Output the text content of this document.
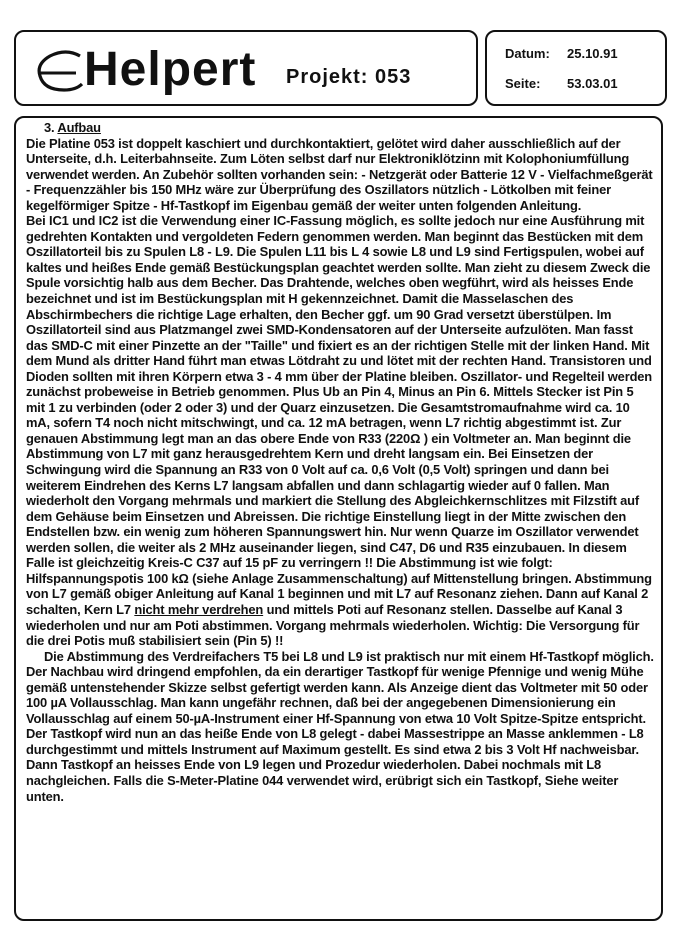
Helpert Projekt: 053
Datum: 25.10.91
Seite: 53.03.01

3. Aufbau

Die Platine 053 ist doppelt kaschiert und durchkontaktiert, gelötet wird daher ausschließlich auf der Unterseite, d.h. Leiterbahnseite. Zum Löten selbst darf nur Elektroniklötzinn mit Kolophoniumfüllung verwendet werden. An Zubehör sollten vorhanden sein: - Netzgerät oder Batterie 12 V - Vielfachmeßgerät - Frequenzzähler bis 150 MHz wäre zur Überprüfung des Oszillators nützlich - Lötkolben mit feiner kegelförmiger Spitze - Hf-Tastkopf im Eigenbau gemäß der weiter unten folgenden Anleitung.

Bei IC1 und IC2 ist die Verwendung einer IC-Fassung möglich, es sollte jedoch nur eine Ausführung mit gedrehten Kontakten und vergoldeten Federn genommen werden. Man beginnt das Bestücken mit dem Oszillatorteil bis zu Spulen L8 - L9. Die Spulen L11 bis L 4 sowie L8 und L9 sind Fertigspulen, wobei auf kaltes und heißes Ende gemäß Bestückungsplan geachtet werden sollte. Man zieht zu diesem Zweck die Spule vorsichtig halb aus dem Becher. Das Drahtende, welches oben wegführt, wird als heisses Ende bezeichnet und ist im Bestückungsplan mit H gekennzeichnet. Damit die Masselaschen des Abschirmbechers die richtige Lage erhalten, den Becher ggf. um 90 Grad versetzt überstülpen. Im Oszillatorteil sind aus Platzmangel zwei SMD-Kondensatoren auf der Unterseite aufzulöten. Man fasst das SMD-C mit einer Pinzette an der "Taille" und fixiert es an der richtigen Stelle mit der linken Hand. Mit dem Mund als dritter Hand führt man etwas Lötdraht zu und lötet mit der rechten Hand. Transistoren und Dioden sollten mit ihren Körpern etwa 3 - 4 mm über der Platine bleiben. Oszillator- und Regelteil werden zunächst probeweise in Betrieb genommen. Plus Ub an Pin 4, Minus an Pin 6. Mittels Stecker ist Pin 5 mit 1 zu verbinden (oder 2 oder 3) und der Quarz einzusetzen. Die Gesamtstromaufnahme wird ca. 10 mA, sofern T4 noch nicht mitschwingt, und ca. 12 mA betragen, wenn L7 richtig abgestimmt ist. Zur genauen Abstimmung legt man an das obere Ende von R33 (220Ω ) ein Voltmeter an. Man beginnt die Abstimmung von L7 mit ganz herausgedrehtem Kern und dreht langsam ein. Bei Einsetzen der Schwingung wird die Spannung an R33 von 0 Volt auf ca. 0,6 Volt (0,5 Volt) springen und dann bei weiterem Eindrehen des Kerns L7 langsam abfallen und dann schlagartig wieder auf 0 fallen. Man wiederholt den Vorgang mehrmals und markiert die Stellung des Abgleichkernschlitzes mit Filzstift auf dem Gehäuse beim Einsetzen und Abreissen. Die richtige Einstellung liegt in der Mitte zwischen den Endstellen bzw. ein wenig zum höheren Spannungswert hin. Nur wenn Quarze im Oszillator verwendet werden sollen, die weiter als 2 MHz auseinander liegen, sind C47, D6 und R35 einzubauen. In diesem Falle ist gleichzeitig Kreis-C C37 auf 15 pF zu verringern !! Die Abstimmung ist wie folgt: Hilfspannungspotis 100 kΩ (siehe Anlage Zusammenschaltung) auf Mittenstellung bringen. Abstimmung von L7 gemäß obiger Anleitung auf Kanal 1 beginnen und mit L7 auf Resonanz ziehen. Dann auf Kanal 2 schalten, Kern L7 nicht mehr verdrehen und mittels Poti auf Resonanz stellen. Dasselbe auf Kanal 3 wiederholen und nur am Poti abstimmen. Vorgang mehrmals wiederholen. Wichtig: Die Versorgung für die drei Potis muß stabilisiert sein (Pin 5) !!

Die Abstimmung des Verdreifachers T5 bei L8 und L9 ist praktisch nur mit einem Hf-Tastkopf möglich. Der Nachbau wird dringend empfohlen, da ein derartiger Tastkopf für wenige Pfennige und wenig Mühe gemäß untenstehender Skizze selbst gefertigt werden kann. Als Anzeige dient das Voltmeter mit 50 oder 100 µA Vollausschlag. Man kann ungefähr rechnen, daß bei der angegebenen Dimensionierung ein Vollausschlag auf einem 50-µA-Instrument einer Hf-Spannung von etwa 10 Volt Spitze-Spitze entspricht. Der Tastkopf wird nun an das heiße Ende von L8 gelegt - dabei Massestrippe an Masse anklemmen - L8 durchgestimmt und mittels Instrument auf Maximum gestellt. Es sind etwa 2 bis 3 Volt Hf nachweisbar. Dann Tastkopf an heisses Ende von L9 legen und Prozedur wiederholen. Dabei nochmals mit L8 nachgleichen. Falls die S-Meter-Platine 044 verwendet wird, erübrigt sich ein Tastkopf, Siehe weiter unten.
